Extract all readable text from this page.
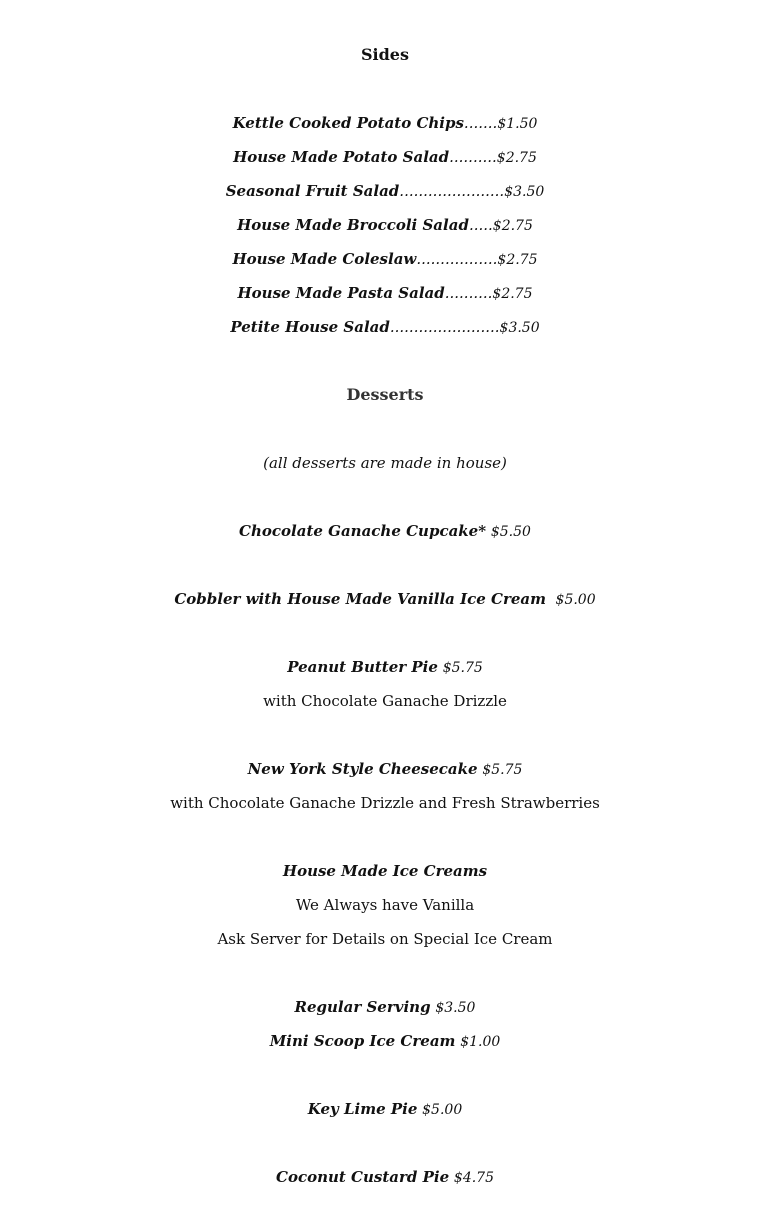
Sides
Kettle Cooked Potato Chips.......$1.50
House Made Potato Salad..........$2.75
Seasonal Fruit Salad......................$3.50
House Made Broccoli Salad.....$2.75
House Made Coleslaw.................$2.75
House Made Pasta Salad..........$2.75
Petite House Salad.......................$3.50
Desserts
(all desserts are made in house)
Chocolate Ganache Cupcake* $5.50
Cobbler with House Made Vanilla Ice Cream $5.00
Peanut Butter Pie $5.75
with Chocolate Ganache Drizzle
New York Style Cheesecake $5.75
with Chocolate Ganache Drizzle and Fresh Strawberries
House Made Ice Creams
We Always have Vanilla
Ask Server for Details on Special Ice Cream
Regular Serving $3.50
Mini Scoop Ice Cream $1.00
Key Lime Pie $5.00
Coconut Custard Pie $4.75
